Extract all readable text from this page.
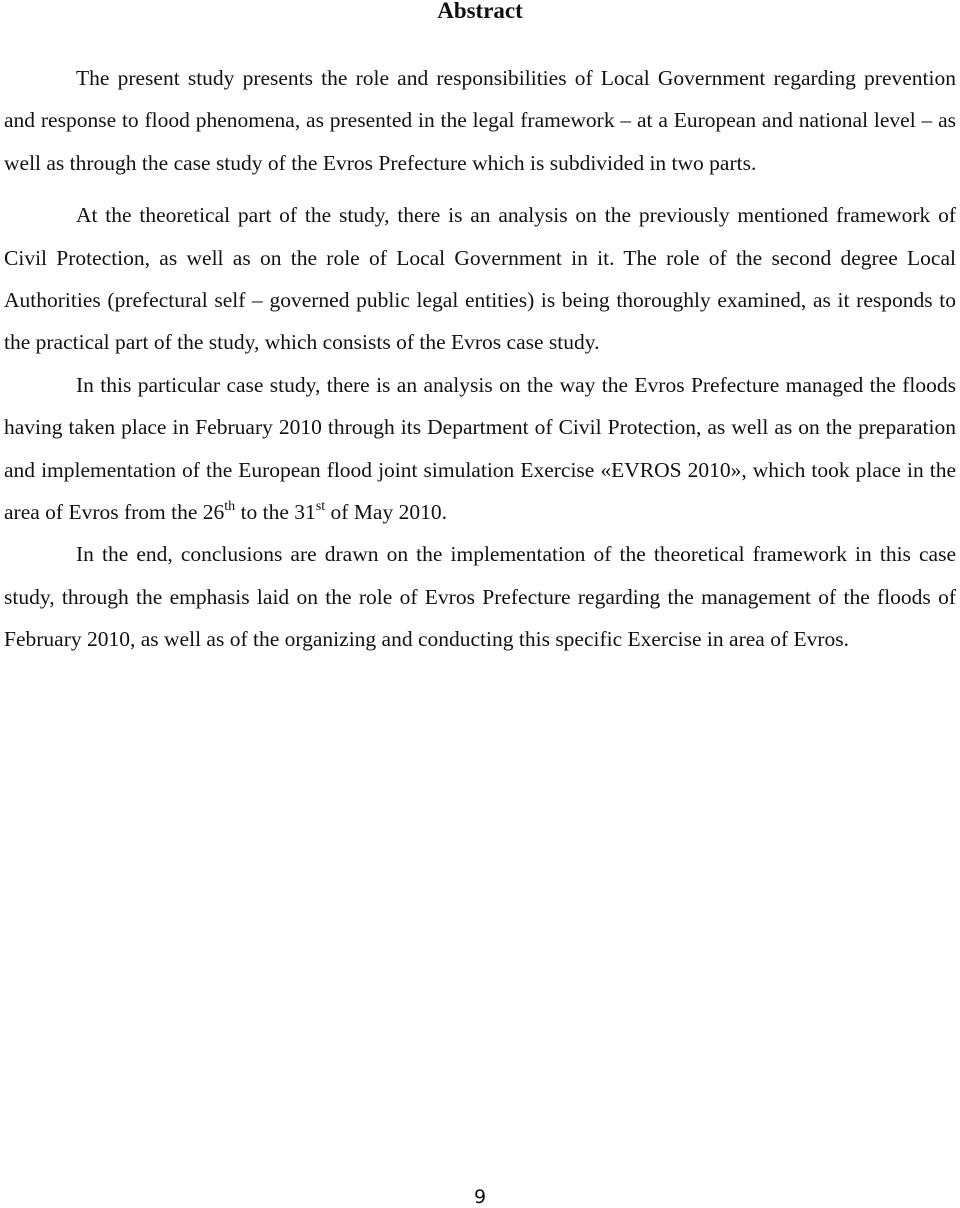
Abstract

The present study presents the role and responsibilities of Local Government regarding prevention and response to flood phenomena, as presented in the legal framework – at a European and national level – as well as through the case study of the Evros Prefecture which is subdivided in two parts.

At the theoretical part of the study, there is an analysis on the previously mentioned framework of Civil Protection, as well as on the role of Local Government in it. The role of the second degree Local Authorities (prefectural self – governed public legal entities) is being thoroughly examined, as it responds to the practical part of the study, which consists of the Evros case study.

In this particular case study, there is an analysis on the way the Evros Prefecture managed the floods having taken place in February 2010 through its Department of Civil Protection, as well as on the preparation and implementation of the European flood joint simulation Exercise «EVROS 2010», which took place in the area of Evros from the 26th to the 31st of May 2010.

In the end, conclusions are drawn on the implementation of the theoretical framework in this case study, through the emphasis laid on the role of Evros Prefecture regarding the management of the floods of February 2010, as well as of the organizing and conducting this specific Exercise in area of Evros.

9
